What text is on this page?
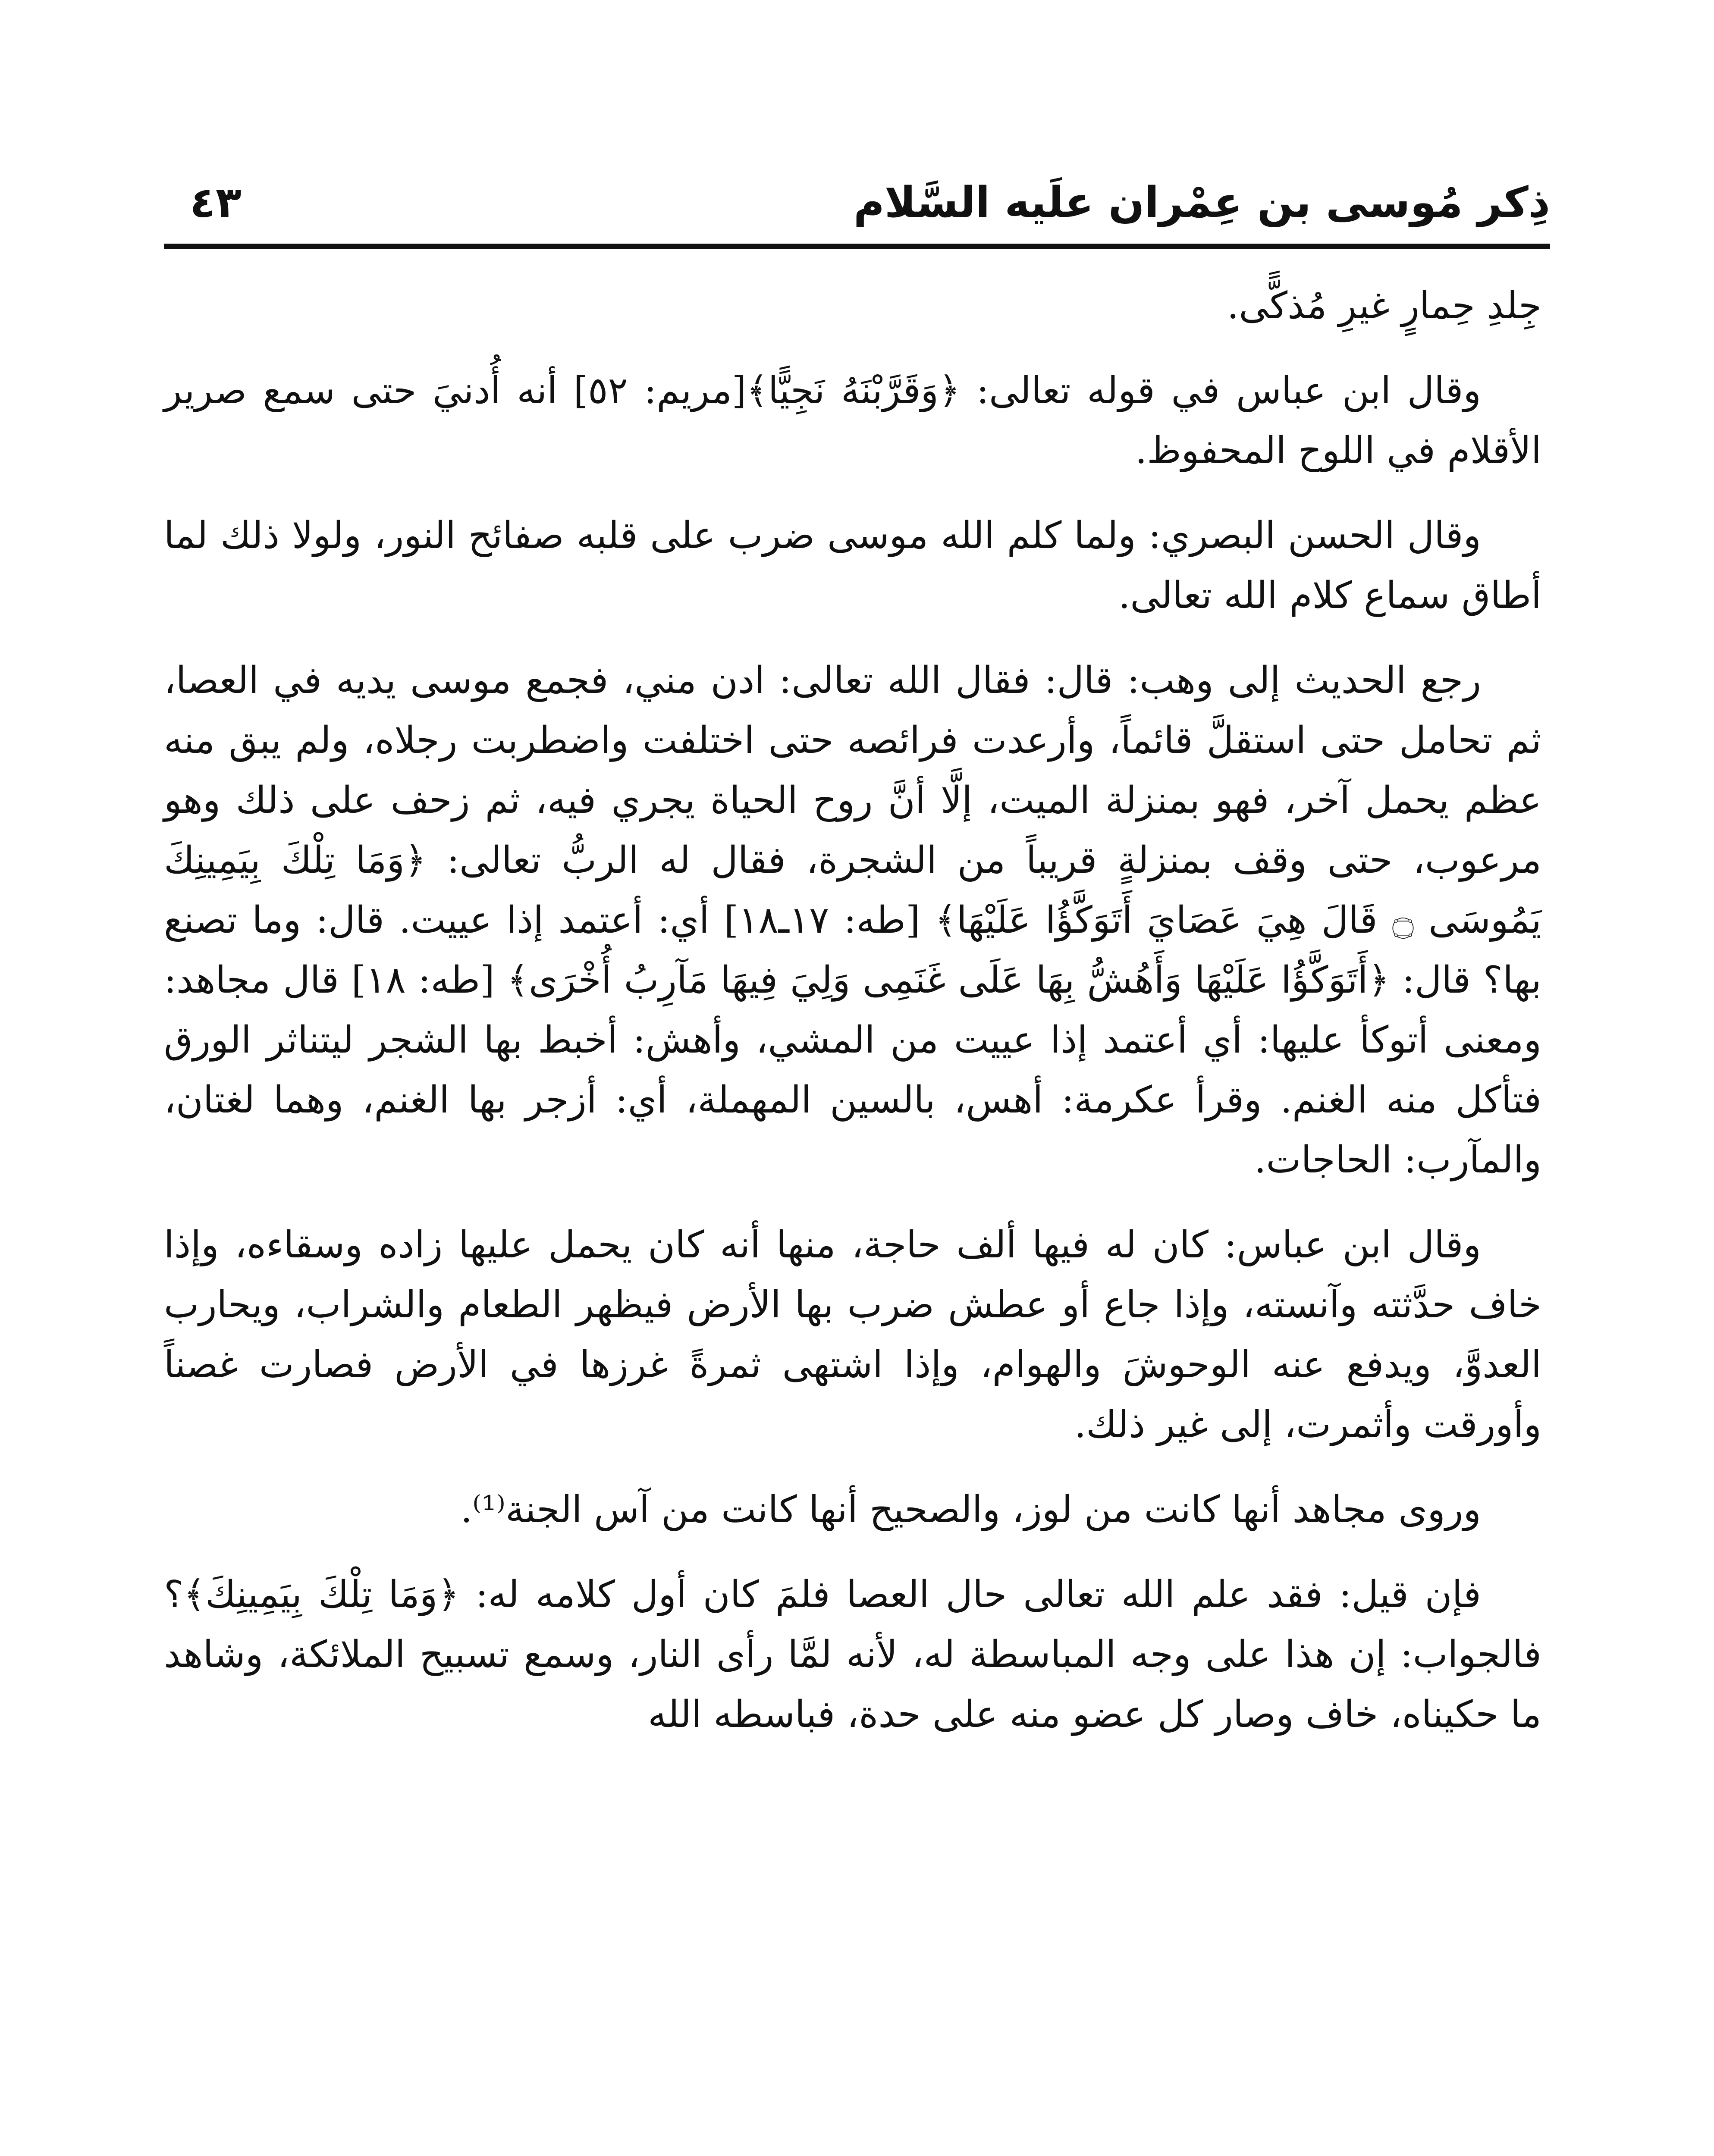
ذِكر مُوسى بن عِمْران علَيه السَّلام
٤٣

جِلدِ حِمارٍ غيرِ مُذكًّى.

وقال ابن عباس في قوله تعالى: ﴿وَقَرَّبْنَهُ نَجِيًّا﴾[مريم: ٥٢] أنه أُدنيَ حتى سمع صرير الأقلام في اللوح المحفوظ.

وقال الحسن البصري: ولما كلم الله موسى ضرب على قلبه صفائح النور، ولولا ذلك لما أطاق سماع كلام الله تعالى.

رجع الحديث إلى وهب: قال: فقال الله تعالى: ادن مني، فجمع موسى يديه في العصا، ثم تحامل حتى استقلَّ قائماً، وأرعدت فرائصه حتى اختلفت واضطربت رجلاه، ولم يبق منه عظم يحمل آخر، فهو بمنزلة الميت، إلَّا أنَّ روح الحياة يجري فيه، ثم زحف على ذلك وهو مرعوب، حتى وقف بمنزلةٍ قريباً من الشجرة، فقال له الربُّ تعالى: ﴿وَمَا تِلْكَ بِيَمِينِكَ يَمُوسَى ۝ قَالَ هِيَ عَصَايَ أَتَوَكَّؤُا عَلَيْهَا﴾ [طه: ١٧ـ١٨] أي: أعتمد إذا عييت. قال: وما تصنع بها؟ قال: ﴿أَتَوَكَّؤُا عَلَيْهَا وَأَهُشُّ بِهَا عَلَى غَنَمِى وَلِيَ فِيهَا مَآرِبُ أُخْرَى﴾ [طه: ١٨] قال مجاهد: ومعنى أتوكأ عليها: أي أعتمد إذا عييت من المشي، وأهش: أخبط بها الشجر ليتناثر الورق فتأكل منه الغنم. وقرأ عكرمة: أهس، بالسين المهملة، أي: أزجر بها الغنم، وهما لغتان، والمآرب: الحاجات.

وقال ابن عباس: كان له فيها ألف حاجة، منها أنه كان يحمل عليها زاده وسقاءه، وإذا خاف حدَّثته وآنسته، وإذا جاع أو عطش ضرب بها الأرض فيظهر الطعام والشراب، ويحارب العدوَّ، ويدفع عنه الوحوشَ والهوام، وإذا اشتهى ثمرةً غرزها في الأرض فصارت غصناً وأورقت وأثمرت، إلى غير ذلك.

وروى مجاهد أنها كانت من لوز، والصحيح أنها كانت من آس الجنة⁽¹⁾.

فإن قيل: فقد علم الله تعالى حال العصا فلمَ كان أول كلامه له: ﴿وَمَا تِلْكَ بِيَمِينِكَ﴾؟ فالجواب: إن هذا على وجه المباسطة له، لأنه لمَّا رأى النار، وسمع تسبيح الملائكة، وشاهد ما حكيناه، خاف وصار كل عضو منه على حدة، فباسطه الله
